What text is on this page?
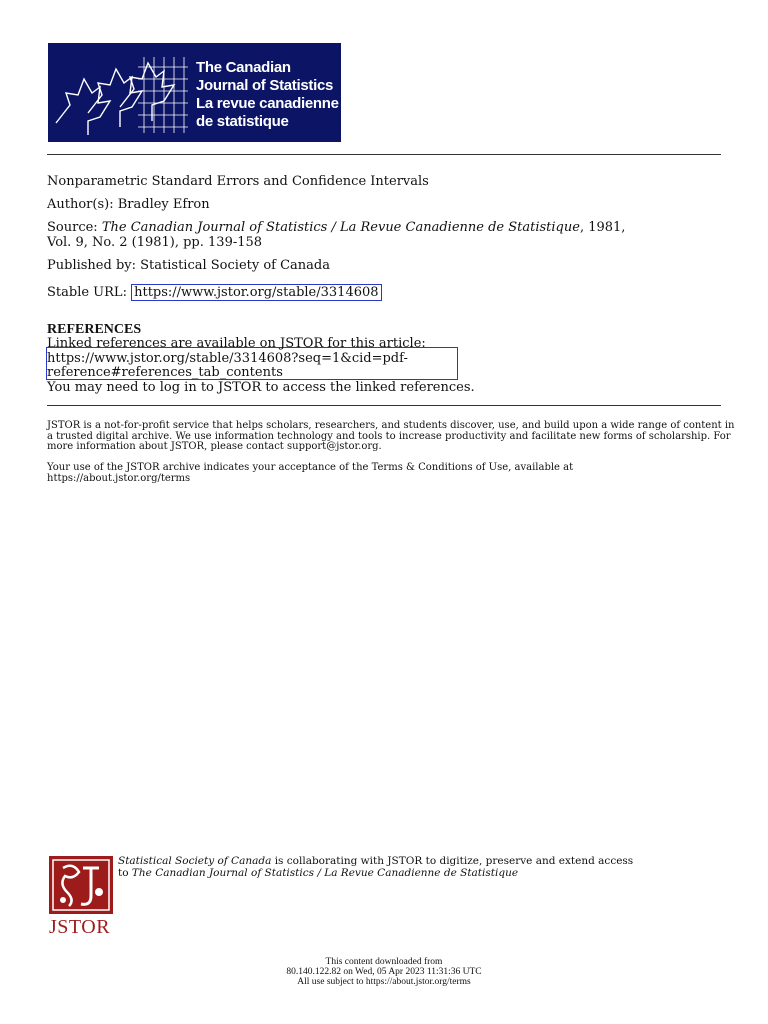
The Canadian
Journal of Statistics
La revue canadienne
de statistique
Nonparametric Standard Errors and Confidence Intervals
Author(s): Bradley Efron
Source: The Canadian Journal of Statistics / La Revue Canadienne de Statistique, 1981,
Vol. 9, No. 2 (1981), pp. 139-158
Published by: Statistical Society of Canada
Stable URL: https://www.jstor.org/stable/3314608
REFERENCES
Linked references are available on JSTOR for this article:
https://www.jstor.org/stable/3314608?seq=1&cid=pdf-
reference#references_tab_contents
You may need to log in to JSTOR to access the linked references.
JSTOR is a not-for-profit service that helps scholars, researchers, and students discover, use, and build upon a wide range of content in a trusted digital archive. We use information technology and tools to increase productivity and facilitate new forms of scholarship. For more information about JSTOR, please contact support@jstor.org.
Your use of the JSTOR archive indicates your acceptance of the Terms & Conditions of Use, available at
https://about.jstor.org/terms
JSTOR
Statistical Society of Canada is collaborating with JSTOR to digitize, preserve and extend access
to The Canadian Journal of Statistics / La Revue Canadienne de Statistique
This content downloaded from
80.140.122.82 on Wed, 05 Apr 2023 11:31:36 UTC
All use subject to https://about.jstor.org/terms
